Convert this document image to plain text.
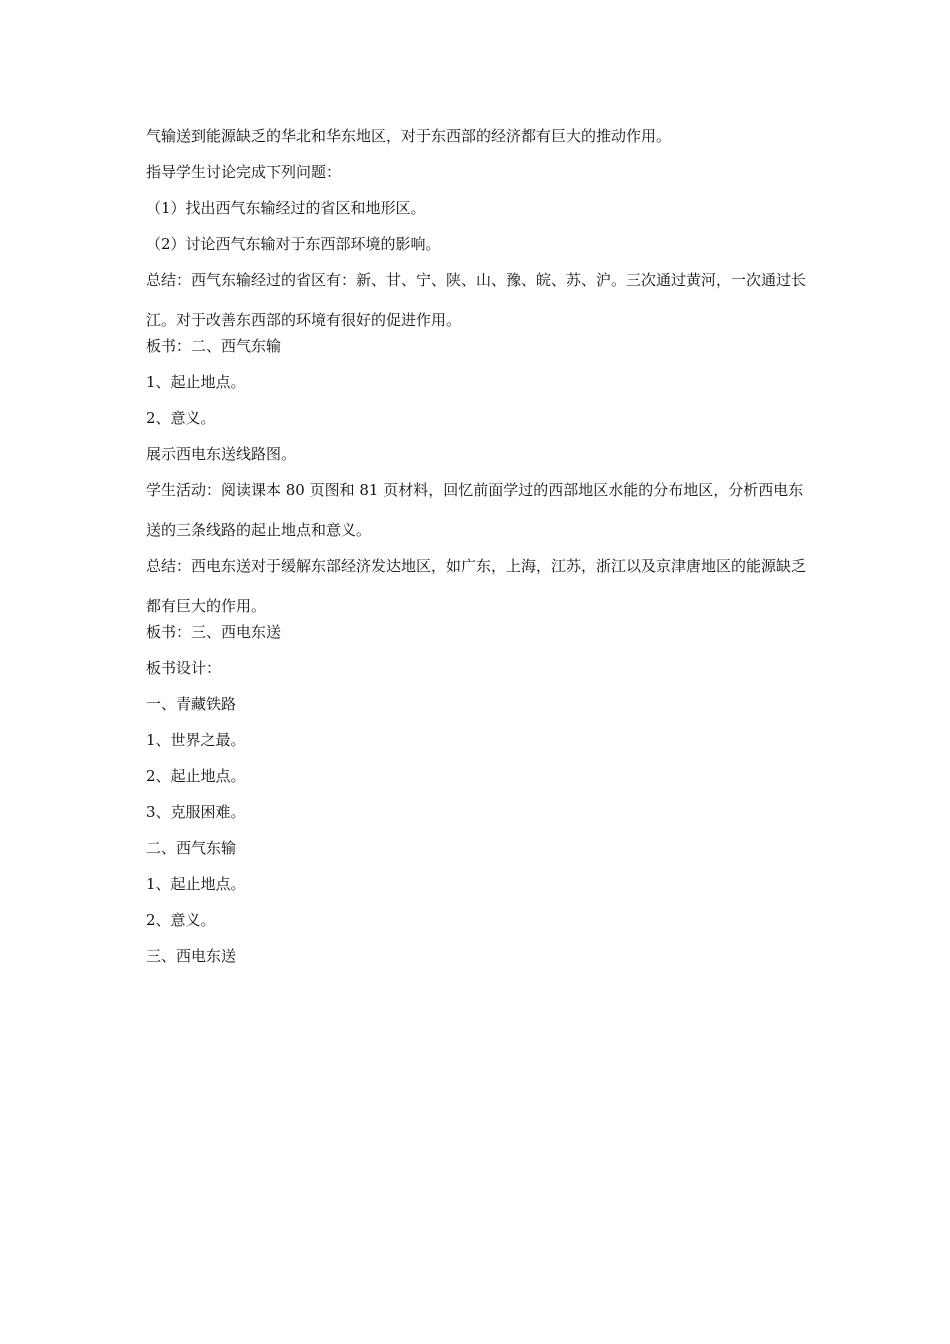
气输送到能源缺乏的华北和华东地区，对于东西部的经济都有巨大的推动作用。

指导学生讨论完成下列问题：

（1）找出西气东输经过的省区和地形区。

（2）讨论西气东输对于东西部环境的影响。

总结：西气东输经过的省区有：新、甘、宁、陕、山、豫、皖、苏、沪。三次通过黄河，一次通过长江。对于改善东西部的环境有很好的促进作用。

板书：二、西气东输

1、起止地点。

2、意义。

展示西电东送线路图。

学生活动：阅读课本 80 页图和 81 页材料，回忆前面学过的西部地区水能的分布地区，分析西电东送的三条线路的起止地点和意义。

总结：西电东送对于缓解东部经济发达地区，如广东，上海，江苏，浙江以及京津唐地区的能源缺乏都有巨大的作用。

板书：三、西电东送

板书设计：

一、青藏铁路

1、世界之最。

2、起止地点。

3、克服困难。

二、西气东输

1、起止地点。

2、意义。

三、西电东送
